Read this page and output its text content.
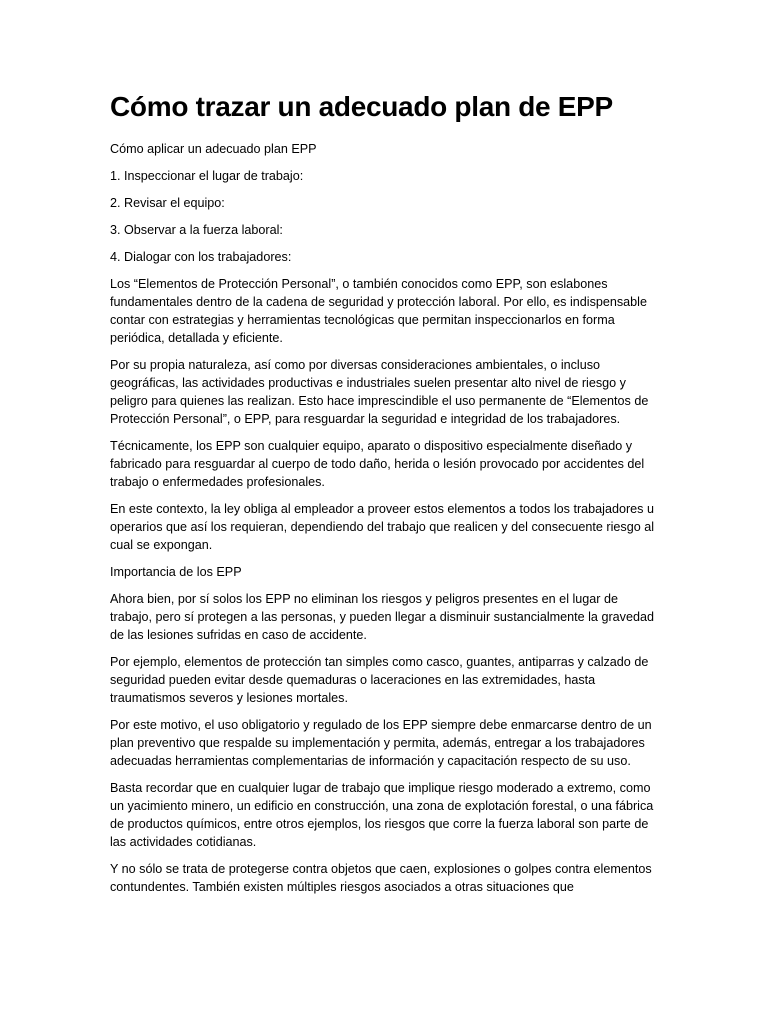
Cómo trazar un adecuado plan de EPP

Cómo aplicar un adecuado plan EPP

1. Inspeccionar el lugar de trabajo:

2. Revisar el equipo:

3. Observar a la fuerza laboral:

4. Dialogar con los trabajadores:

Los “Elementos de Protección Personal”, o también conocidos como EPP, son eslabones fundamentales dentro de la cadena de seguridad y protección laboral. Por ello, es indispensable contar con estrategias y herramientas tecnológicas que permitan inspeccionarlos en forma periódica, detallada y eficiente.

Por su propia naturaleza, así como por diversas consideraciones ambientales, o incluso geográficas, las actividades productivas e industriales suelen presentar alto nivel de riesgo y peligro para quienes las realizan. Esto hace imprescindible el uso permanente de “Elementos de Protección Personal”, o EPP, para resguardar la seguridad e integridad de los trabajadores.

Técnicamente, los EPP son cualquier equipo, aparato o dispositivo especialmente diseñado y fabricado para resguardar al cuerpo de todo daño, herida o lesión provocado por accidentes del trabajo o enfermedades profesionales.

En este contexto, la ley obliga al empleador a proveer estos elementos a todos los trabajadores u operarios que así los requieran, dependiendo del trabajo que realicen y del consecuente riesgo al cual se expongan.

Importancia de los EPP

Ahora bien, por sí solos los EPP no eliminan los riesgos y peligros presentes en el lugar de trabajo, pero sí protegen a las personas, y pueden llegar a disminuir sustancialmente la gravedad de las lesiones sufridas en caso de accidente.

Por ejemplo, elementos de protección tan simples como casco, guantes, antiparras y calzado de seguridad pueden evitar desde quemaduras o laceraciones en las extremidades, hasta traumatismos severos y lesiones mortales.

Por este motivo, el uso obligatorio y regulado de los EPP siempre debe enmarcarse dentro de un plan preventivo que respalde su implementación y permita, además, entregar a los trabajadores adecuadas herramientas complementarias de información y capacitación respecto de su uso.

Basta recordar que en cualquier lugar de trabajo que implique riesgo moderado a extremo, como un yacimiento minero, un edificio en construcción, una zona de explotación forestal, o una fábrica de productos químicos, entre otros ejemplos, los riesgos que corre la fuerza laboral son parte de las actividades cotidianas.

Y no sólo se trata de protegerse contra objetos que caen, explosiones o golpes contra elementos contundentes. También existen múltiples riesgos asociados a otras situaciones que
